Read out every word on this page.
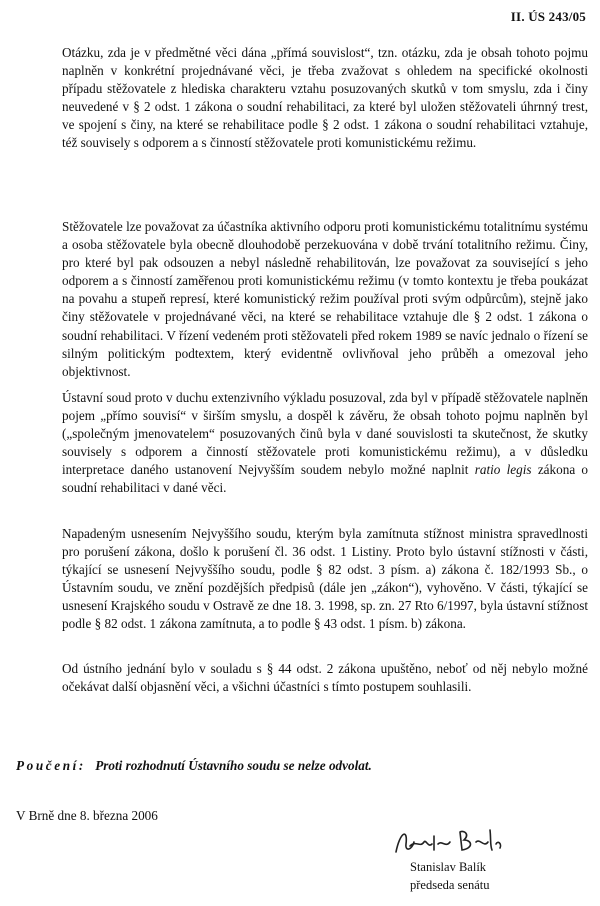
II. ÚS 243/05

Otázku, zda je v předmětné věci dána „přímá souvislost“, tzn. otázku, zda je obsah tohoto pojmu naplněn v konkrétní projednávané věci, je třeba zvažovat s ohledem na specifické okolnosti případu stěžovatele z hlediska charakteru vztahu posuzovaných skutků v tom smyslu, zda i činy neuvedené v § 2 odst. 1 zákona o soudní rehabilitaci, za které byl uložen stěžovateli úhrnný trest, ve spojení s činy, na které se rehabilitace podle § 2 odst. 1 zákona o soudní rehabilitaci vztahuje, též souvisely s odporem a s činností stěžovatele proti komunistickému režimu.

Stěžovatele lze považovat za účastníka aktivního odporu proti komunistickému totalitnímu systému a osoba stěžovatele byla obecně dlouhodobě perzekuována v době trvání totalitního režimu. Činy, pro které byl pak odsouzen a nebyl následně rehabilitován, lze považovat za související s jeho odporem a s činností zaměřenou proti komunistickému režimu (v tomto kontextu je třeba poukázat na povahu a stupeň represí, které komunistický režim používal proti svým odpůrcům), stejně jako činy stěžovatele v projednávané věci, na které se rehabilitace vztahuje dle § 2 odst. 1 zákona o soudní rehabilitaci. V řízení vedeném proti stěžovateli před rokem 1989 se navíc jednalo o řízení se silným politickým podtextem, který evidentně ovlivňoval jeho průběh a omezoval jeho objektivnost.

Ústavní soud proto v duchu extenzivního výkladu posuzoval, zda byl v případě stěžovatele naplněn pojem „přímo souvisí“ v širším smyslu, a dospěl k závěru, že obsah tohoto pojmu naplněn byl („společným jmenovatelem“ posuzovaných činů byla v dané souvislosti ta skutečnost, že skutky souvisely s odporem a činností stěžovatele proti komunistickému režimu), a v důsledku interpretace daného ustanovení Nejvyšším soudem nebylo možné naplnit ratio legis zákona o soudní rehabilitaci v dané věci.

Napadeným usnesením Nejvyššího soudu, kterým byla zamítnuta stížnost ministra spravedlnosti pro porušení zákona, došlo k porušení čl. 36 odst. 1 Listiny. Proto bylo ústavní stížnosti v části, týkající se usnesení Nejvyššího soudu, podle § 82 odst. 3 písm. a) zákona č. 182/1993 Sb., o Ústavním soudu, ve znění pozdějších předpisů (dále jen „zákon“), vyhověno. V části, týkající se usnesení Krajského soudu v Ostravě ze dne 18. 3. 1998, sp. zn. 27 Rto 6/1997, byla ústavní stížnost podle § 82 odst. 1 zákona zamítnuta, a to podle § 43 odst. 1 písm. b) zákona.

Od ústního jednání bylo v souladu s § 44 odst. 2 zákona upuštěno, neboť od něj nebylo možné očekávat další objasnění věci, a všichni účastníci s tímto postupem souhlasili.

Poučení: Proti rozhodnutí Ústavního soudu se nelze odvolat.
V Brně dne 8. března 2006
Stanislav Balík
předseda senátu
